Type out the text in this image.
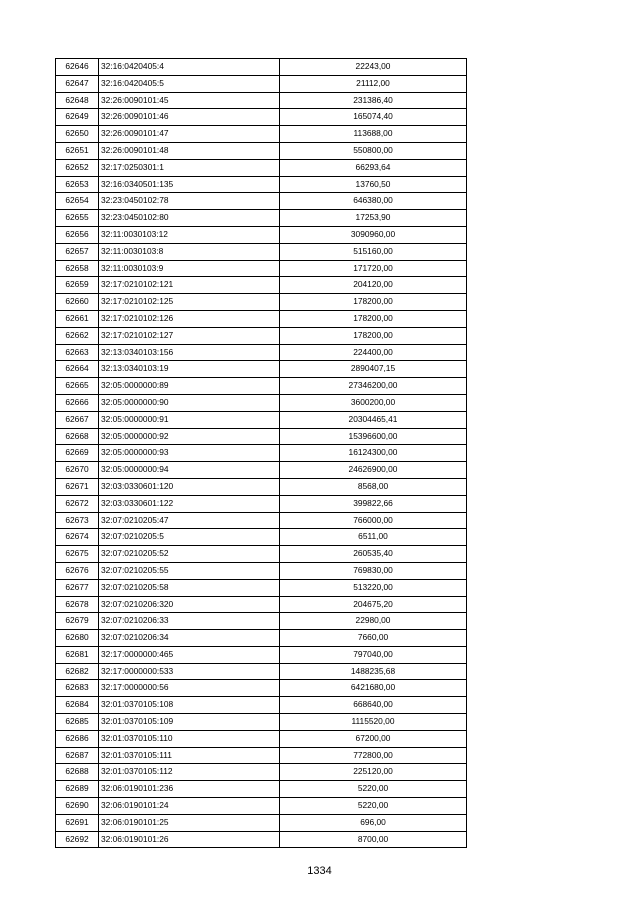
62646	32:16:0420405:4	22243,00
62647	32:16:0420405:5	21112,00
62648	32:26:0090101:45	231386,40
62649	32:26:0090101:46	165074,40
62650	32:26:0090101:47	113688,00
62651	32:26:0090101:48	550800,00
62652	32:17:0250301:1	66293,64
62653	32:16:0340501:135	13760,50
62654	32:23:0450102:78	646380,00
62655	32:23:0450102:80	17253,90
62656	32:11:0030103:12	3090960,00
62657	32:11:0030103:8	515160,00
62658	32:11:0030103:9	171720,00
62659	32:17:0210102:121	204120,00
62660	32:17:0210102:125	178200,00
62661	32:17:0210102:126	178200,00
62662	32:17:0210102:127	178200,00
62663	32:13:0340103:156	224400,00
62664	32:13:0340103:19	2890407,15
62665	32:05:0000000:89	27346200,00
62666	32:05:0000000:90	3600200,00
62667	32:05:0000000:91	20304465,41
62668	32:05:0000000:92	15396600,00
62669	32:05:0000000:93	16124300,00
62670	32:05:0000000:94	24626900,00
62671	32:03:0330601:120	8568,00
62672	32:03:0330601:122	399822,66
62673	32:07:0210205:47	766000,00
62674	32:07:0210205:5	6511,00
62675	32:07:0210205:52	260535,40
62676	32:07:0210205:55	769830,00
62677	32:07:0210205:58	513220,00
62678	32:07:0210206:320	204675,20
62679	32:07:0210206:33	22980,00
62680	32:07:0210206:34	7660,00
62681	32:17:0000000:465	797040,00
62682	32:17:0000000:533	1488235,68
62683	32:17:0000000:56	6421680,00
62684	32:01:0370105:108	668640,00
62685	32:01:0370105:109	1115520,00
62686	32:01:0370105:110	67200,00
62687	32:01:0370105:111	772800,00
62688	32:01:0370105:112	225120,00
62689	32:06:0190101:236	5220,00
62690	32:06:0190101:24	5220,00
62691	32:06:0190101:25	696,00
62692	32:06:0190101:26	8700,00
1334
